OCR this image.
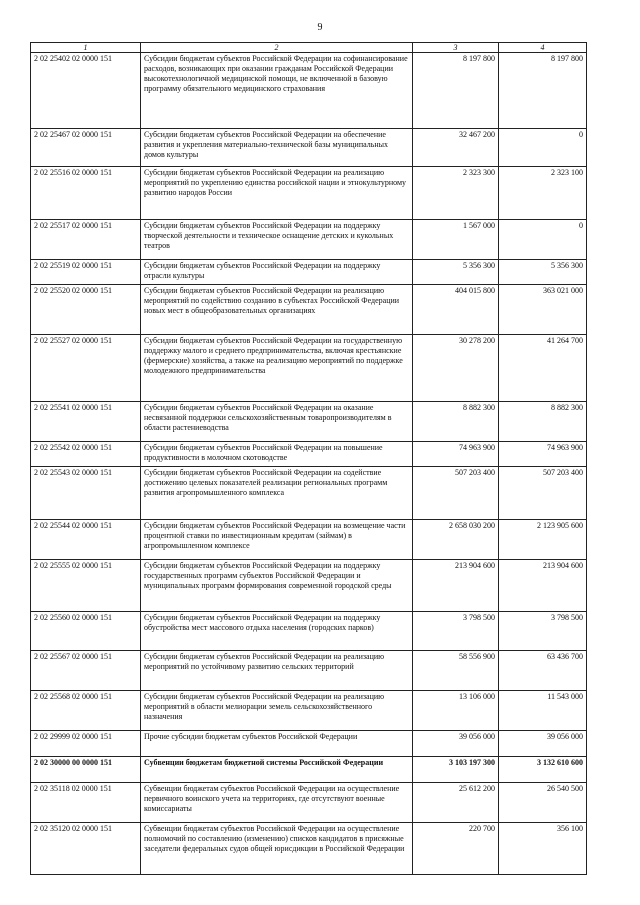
9
1	2	3	4
2 02 25402 02 0000 151	Субсидии бюджетам субъектов Российской Федерации на софинансирование расходов, возникающих при оказании гражданам Российской Федерации высокотехнологичной медицинской помощи, не включенной в базовую программу обязательного медицинского страхования	8 197 800	8 197 800
2 02 25467 02 0000 151	Субсидии бюджетам субъектов Российской Федерации на обеспечение развития и укрепления материально-технической базы муниципальных домов культуры	32 467 200	0
2 02 25516 02 0000 151	Субсидии бюджетам субъектов Российской Федерации на реализацию мероприятий по укреплению единства российской нации и этнокультурному развитию народов России	2 323 300	2 323 100
2 02 25517 02 0000 151	Субсидии бюджетам субъектов Российской Федерации на поддержку творческой деятельности и техническое оснащение детских и кукольных театров	1 567 000	0
2 02 25519 02 0000 151	Субсидии бюджетам субъектов Российской Федерации на поддержку отрасли культуры	5 356 300	5 356 300
2 02 25520 02 0000 151	Субсидии бюджетам субъектов Российской Федерации на реализацию мероприятий по содействию созданию в субъектах Российской Федерации новых мест в общеобразовательных организациях	404 015 800	363 021 000
2 02 25527 02 0000 151	Субсидии бюджетам субъектов Российской Федерации на государственную поддержку малого и среднего предпринимательства, включая крестьянские (фермерские) хозяйства, а также на реализацию мероприятий по поддержке молодежного предпринимательства	30 278 200	41 264 700
2 02 25541 02 0000 151	Субсидии бюджетам субъектов Российской Федерации на оказание несвязанной поддержки сельскохозяйственным товаропроизводителям в области растениеводства	8 882 300	8 882 300
2 02 25542 02 0000 151	Субсидии бюджетам субъектов Российской Федерации на повышение продуктивности в молочном скотоводстве	74 963 900	74 963 900
2 02 25543 02 0000 151	Субсидии бюджетам субъектов Российской Федерации на содействие достижению целевых показателей реализации региональных программ развития агропромышленного комплекса	507 203 400	507 203 400
2 02 25544 02 0000 151	Субсидии бюджетам субъектов Российской Федерации на возмещение части процентной ставки по инвестиционным кредитам (займам) в агропромышленном комплексе	2 658 030 200	2 123 905 600
2 02 25555 02 0000 151	Субсидии бюджетам субъектов Российской Федерации на поддержку государственных программ субъектов Российской Федерации и муниципальных программ формирования современной городской среды	213 904 600	213 904 600
2 02 25560 02 0000 151	Субсидии бюджетам субъектов Российской Федерации на поддержку обустройства мест массового отдыха населения (городских парков)	3 798 500	3 798 500
2 02 25567 02 0000 151	Субсидии бюджетам субъектов Российской Федерации на реализацию мероприятий по устойчивому развитию сельских территорий	58 556 900	63 436 700
2 02 25568 02 0000 151	Субсидии бюджетам субъектов Российской Федерации на реализацию мероприятий в области мелиорации земель сельскохозяйственного назначения	13 106 000	11 543 000
2 02 29999 02 0000 151	Прочие субсидии бюджетам субъектов Российской Федерации	39 056 000	39 056 000
2 02 30000 00 0000 151	Субвенции бюджетам бюджетной системы Российской Федерации	3 103 197 300	3 132 610 600
2 02 35118 02 0000 151	Субвенции бюджетам субъектов Российской Федерации на осуществление первичного воинского учета на территориях, где отсутствуют военные комиссариаты	25 612 200	26 540 500
2 02 35120 02 0000 151	Субвенции бюджетам субъектов Российской Федерации на осуществление полномочий по составлению (изменению) списков кандидатов в присяжные заседатели федеральных судов общей юрисдикции в Российской Федерации	220 700	356 100
